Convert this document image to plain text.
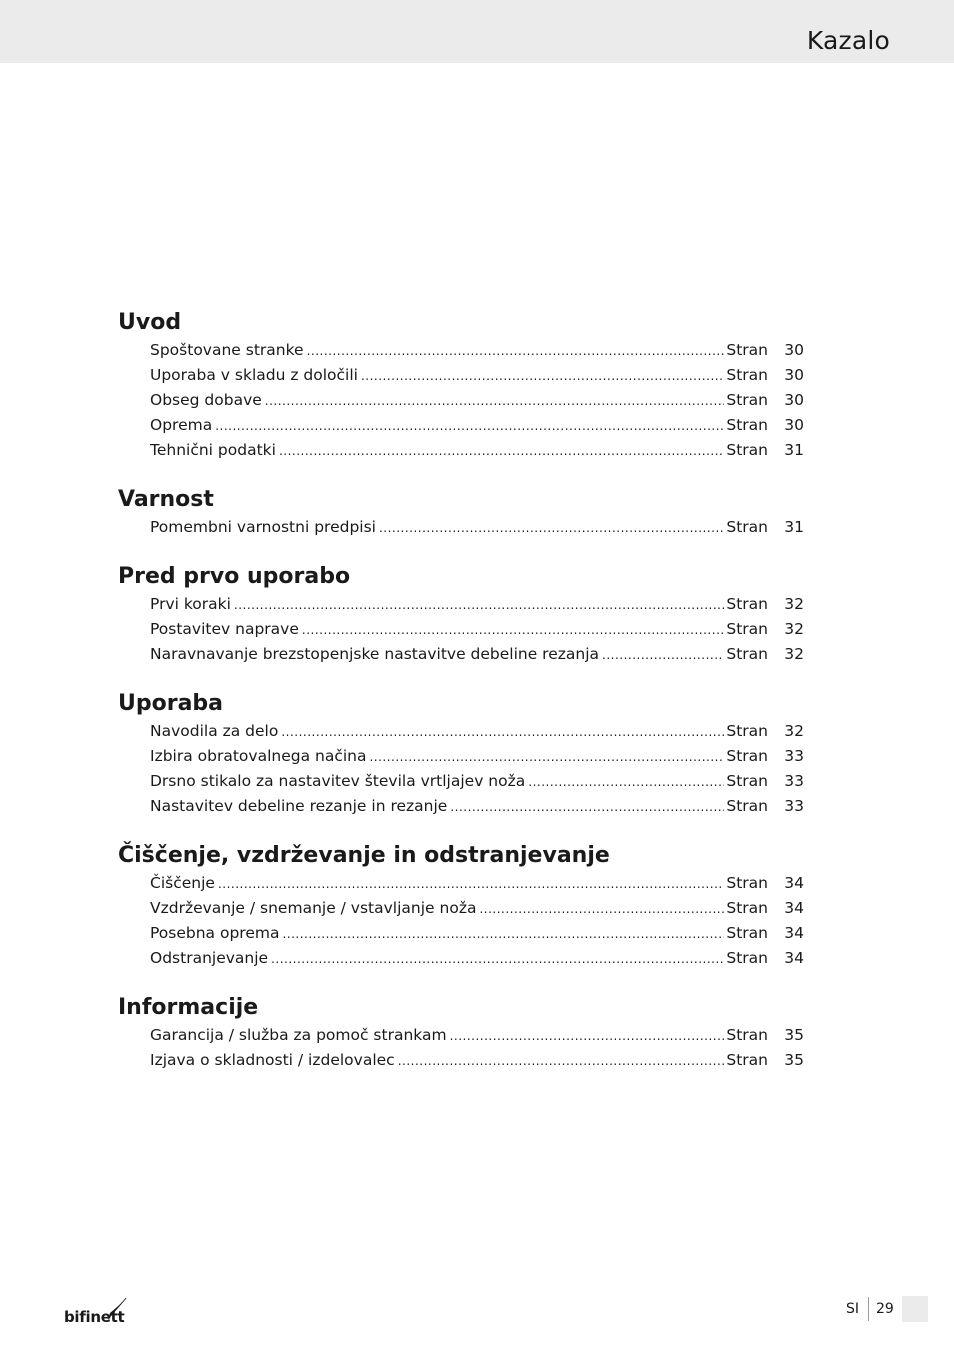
Kazalo
Uvod
Spoštovane stranke .....	Stran	30
Uporaba v skladu z določili .....	Stran	30
Obseg dobave .....	Stran	30
Oprema .....	Stran	30
Tehnični podatki .....	Stran	31
Varnost
Pomembni varnostni predpisi .....	Stran	31
Pred prvo uporabo
Prvi koraki .....	Stran	32
Postavitev naprave .....	Stran	32
Naravnavanje brezstopenjske nastavitve debeline rezanja .....	Stran	32
Uporaba
Navodila za delo .....	Stran	32
Izbira obratovalnega načina .....	Stran	33
Drsno stikalo za nastavitev števila vrtljajev noža .....	Stran	33
Nastavitev debeline rezanje in rezanje .....	Stran	33
Čiščenje, vzdrževanje in odstranjevanje
Čiščenje .....	Stran	34
Vzdrževanje / snemanje / vstavljanje noža .....	Stran	34
Posebna oprema .....	Stran	34
Odstranjevanje .....	Stran	34
Informacije
Garancija / služba za pomoč strankam .....	Stran	35
Izjava o skladnosti / izdelovalec .....	Stran	35
bifinett	SI 29
